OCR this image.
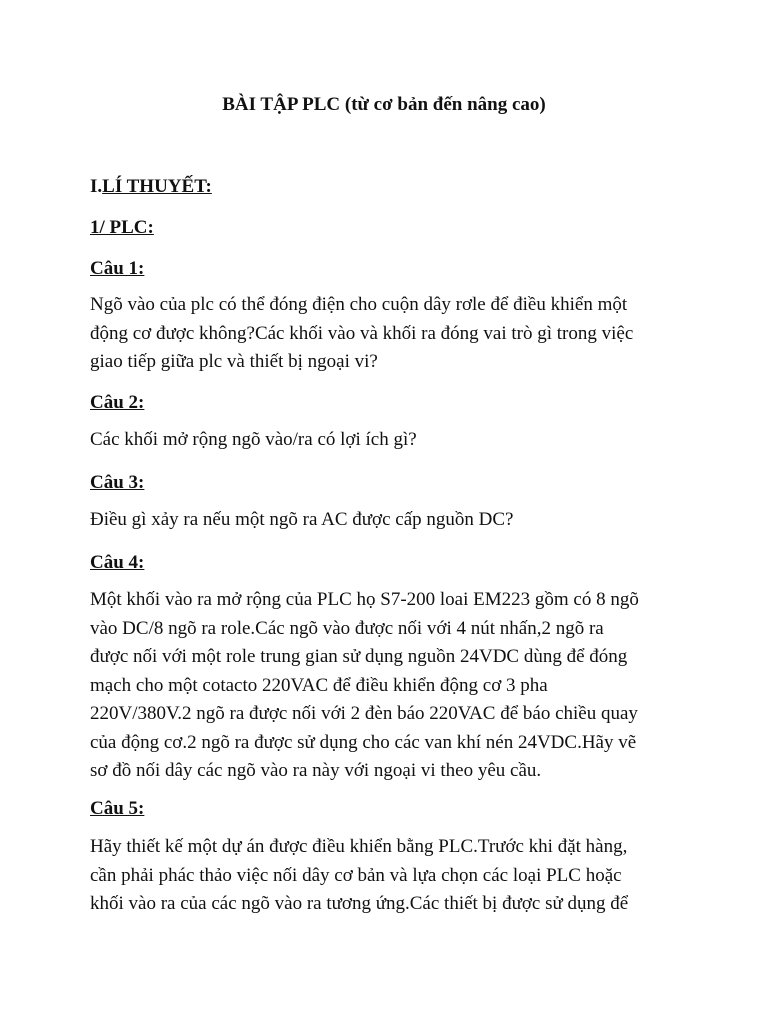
BÀI TẬP PLC (từ cơ bản đến nâng cao)
I.LÍ THUYẾT:
1/ PLC:
Câu 1:

Ngõ vào của plc có thể đóng điện cho cuộn dây rơle để điều khiển một
động cơ được không?Các khối vào và khối ra đóng vai trò gì trong việc
giao tiếp giữa plc và thiết bị ngoại vi?

Câu 2:

Các khối mở rộng ngõ vào/ra có lợi ích gì?

Câu 3:

Điều gì xảy ra nếu một ngõ ra AC được cấp nguồn DC?

Câu 4:

Một khối vào ra mở rộng của PLC họ S7-200 loai EM223 gồm có 8 ngõ
vào DC/8 ngõ ra role.Các ngõ vào được nối với 4 nút nhấn,2 ngõ ra
được nối với một role trung gian sử dụng nguồn 24VDC dùng để đóng
mạch cho một cotacto 220VAC để điều khiển động cơ 3 pha
220V/380V.2 ngõ ra được nối với 2 đèn báo 220VAC để báo chiều quay
của động cơ.2 ngõ ra được sử dụng cho các van khí nén 24VDC.Hãy vẽ
sơ đồ nối dây các ngõ vào ra này với ngoại vi theo yêu cầu.

Câu 5:

Hãy thiết kế một dự án được điều khiển bằng PLC.Trước khi đặt hàng,
cần phải phác thảo việc nối dây cơ bản và lựa chọn các loại PLC hoặc
khối vào ra của các ngõ vào ra tương ứng.Các thiết bị được sử dụng để
